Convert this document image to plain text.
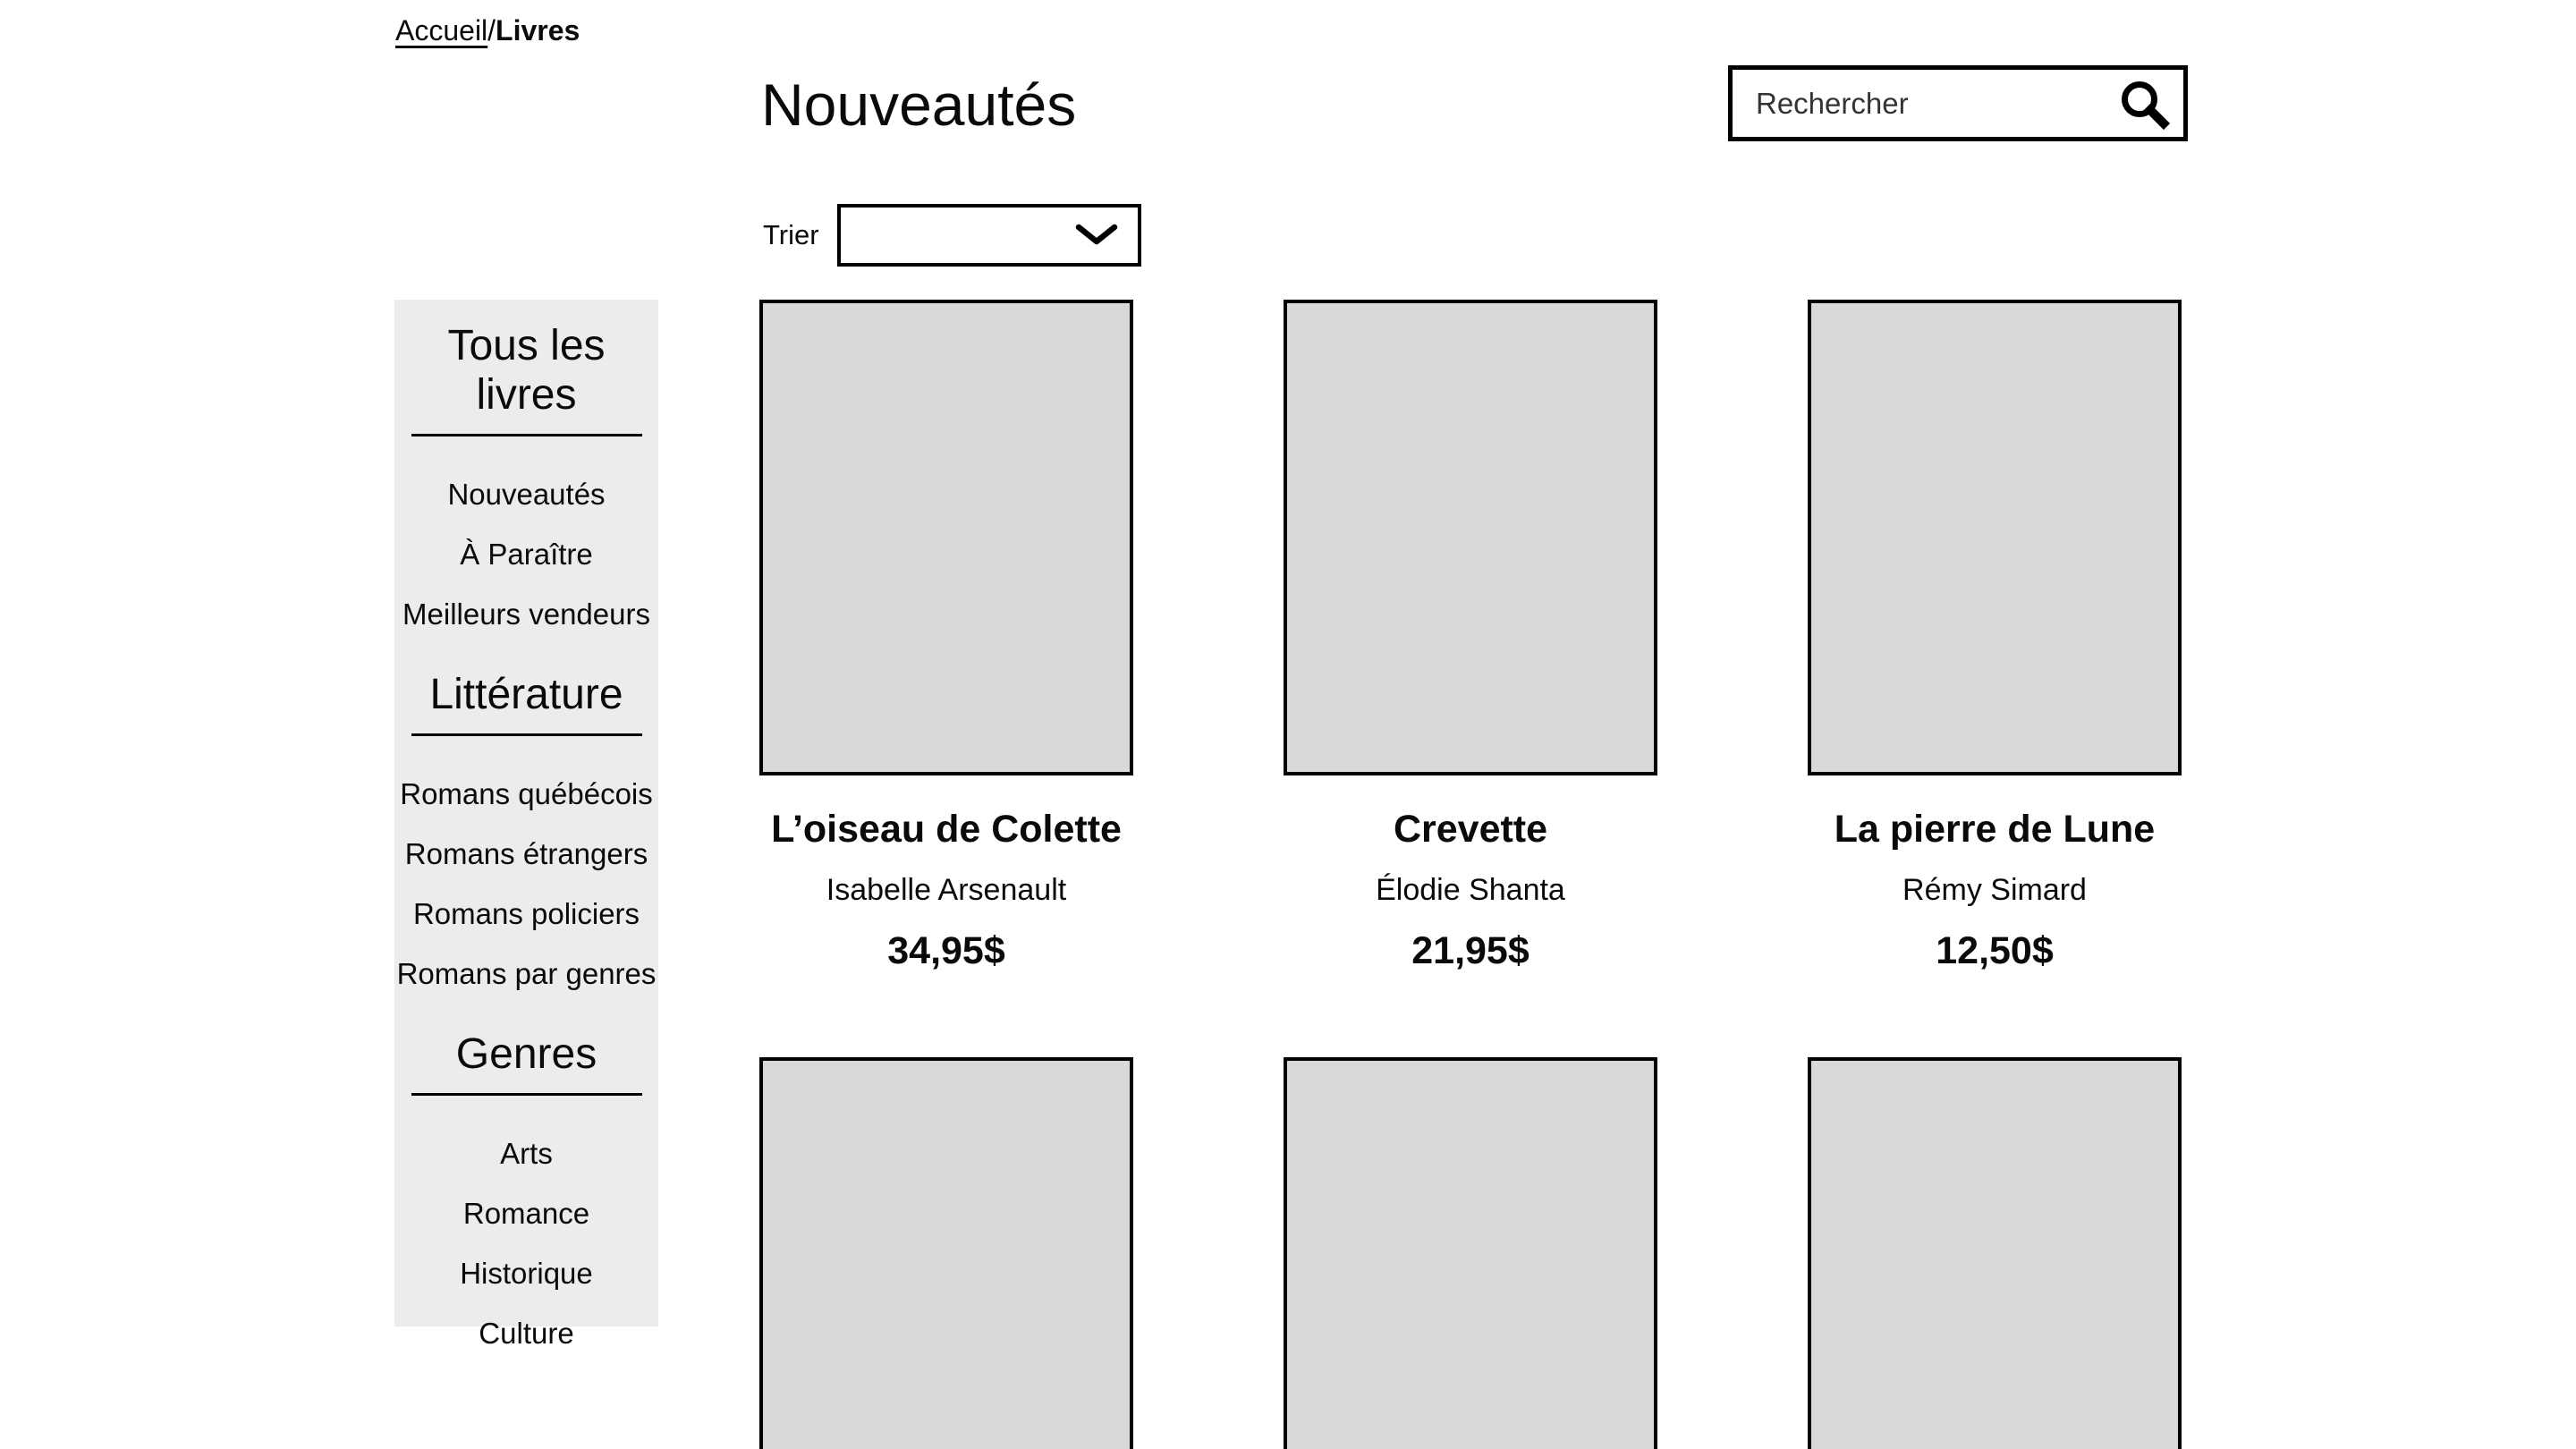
Accueil/Livres
Nouveautés
Rechercher
Trier
Tous les livres
Nouveautés
À Paraître
Meilleurs vendeurs
Littérature
Romans québécois
Romans étrangers
Romans policiers
Romans par genres
Genres
Arts
Romance
Historique
Culture
L’oiseau de Colette
Isabelle Arsenault
34,95$
Crevette
Élodie Shanta
21,95$
La pierre de Lune
Rémy Simard
12,50$
